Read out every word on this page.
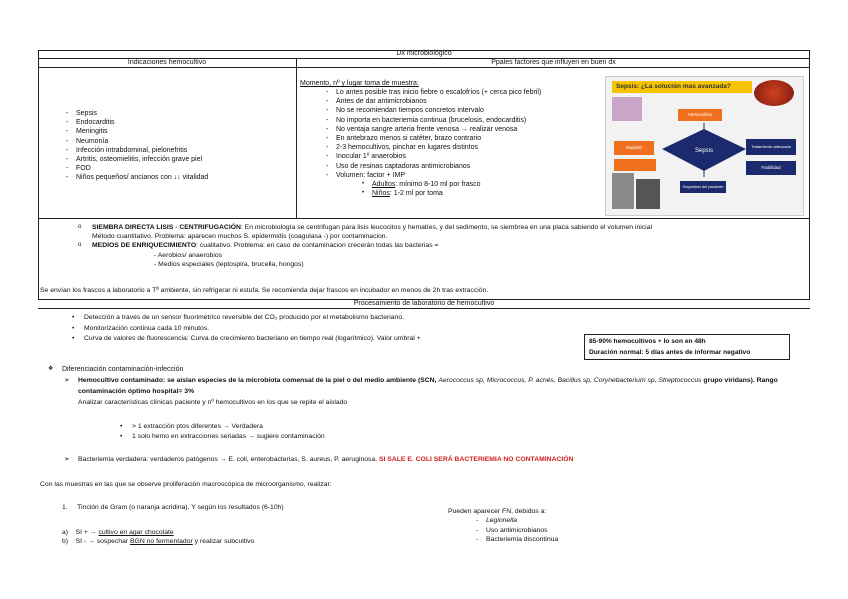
Dx microbiológico
Indicaciones hemocultivo	Ppales factores que influyen en buen dx
- Sepsis
- Endocarditis
- Meningitis
- Neumonía
- Infección intrabdominal, pielonefritis
- Artritis, osteomielitis, infección grave piel
- FOD
- Niños pequeños/ ancianos con ↓↓ vitalidad
Momento, nº y lugar toma de muestra:
- Lo antes posible tras inicio fiebre o escalofríos (+ cerca pico febril)
- Antes de dar antimicrobianos
- No se recomiendan tiempos concretos intervalo
- No importa en bacteriemia continua (brucelosis, endocarditis)
- No ventaja sangre arteria frente venosa → realizar venosa
- En antebrazo menos si catéter, brazo contrario
- 2-3 hemocultivos, pinchar en lugares distintos
- Inocular 1º anaerobios
- Uso de resinas captadoras antimicrobianos
- Volumen: factor + IMP
• Adultos: mínimo 8-10 ml por frasco
• Niños: 1-2 ml por toma
Sepsis: ¿La solución mas avanzada?
Sepsis
Hemocultivo
Rapidez	Tratamiento adecuado
Fiabilidad
Seguridad del paciente
o SIEMBRA DIRECTA LISIS - CENTRIFUGACIÓN: En microbiología se centrifugan para lisis leucocitos y hematíes, y del sedimento, se siembrea en una placa sabiendo el volumen inicial
Método cuantitativo. Problema: aparecen muchos S. epidermidis (coagulasa -) por contaminacion.
o MEDIOS DE ENRIQUECIMIENTO: cualitativo. Problema: en caso de contaminacion crecerán todas las bacterias =
- Aerobios/ anaerobios
- Medios especiales (leptospira, brucella, hongos)
Se envían los frascos a laboratorio a Tª ambiente, sin refrigerar ni estufa. Se recomienda dejar frascos en incubador en menos de 2h tras extracción.
Procesamiento de laboratorio de hemocultivo
• Detección a través de un sensor fluorimétrico reversible del CO₂ producido por el metabolismo bacteriano.
• Monitorización continua cada 10 minutos.
• Curva de valores de fluorescencia: Curva de crecimiento bacteriano en tiempo real (logarítmico). Valor umbral +	85-90% hemocultivos + lo son en 48h
Duración normal: 5 días antes de informar negativo
❖ Diferenciación contaminación-infección
➢ Hemocultivo contaminado: se aíslan especies de la microbiota comensal de la piel o del medio ambiente (SCN, Aerococcus sp, Micrococcus, P. acnés, Bacillus sp, Corynebacterium sp, Streptococcus grupo viridans). Rango contaminación óptimo hospital= 3%
Analizar características clínicas paciente y nº hemocultivos en los que se repite el aislado
• > 1 extracción ptos diferentes → Verdadera
• 1 solo hemo en extracciones seriadas → sugiere contaminación
➢ Bacteriemia verdadera: verdaderos patógenos → E. coli, enterobacterias, S. aureus, P. aeruginosa. SI SALE E. COLI SERÁ BACTERIEMIA NO CONTAMINACIÓN
Con las muestras en las que se observe proliferación macroscópica de microorganismo, realizar:
1.     Tinción de Gram (o naranja acridina). Y según los resultados (6-10h)
a)    SI + → cultivo en agar chocolate
b)    SI - → sospechar BGN no fermentador y realizar subcultivo
Pueden aparecer FN, debidos a:
- Legionella
- Uso antimicrobianos
- Bacteriemia discontinua
